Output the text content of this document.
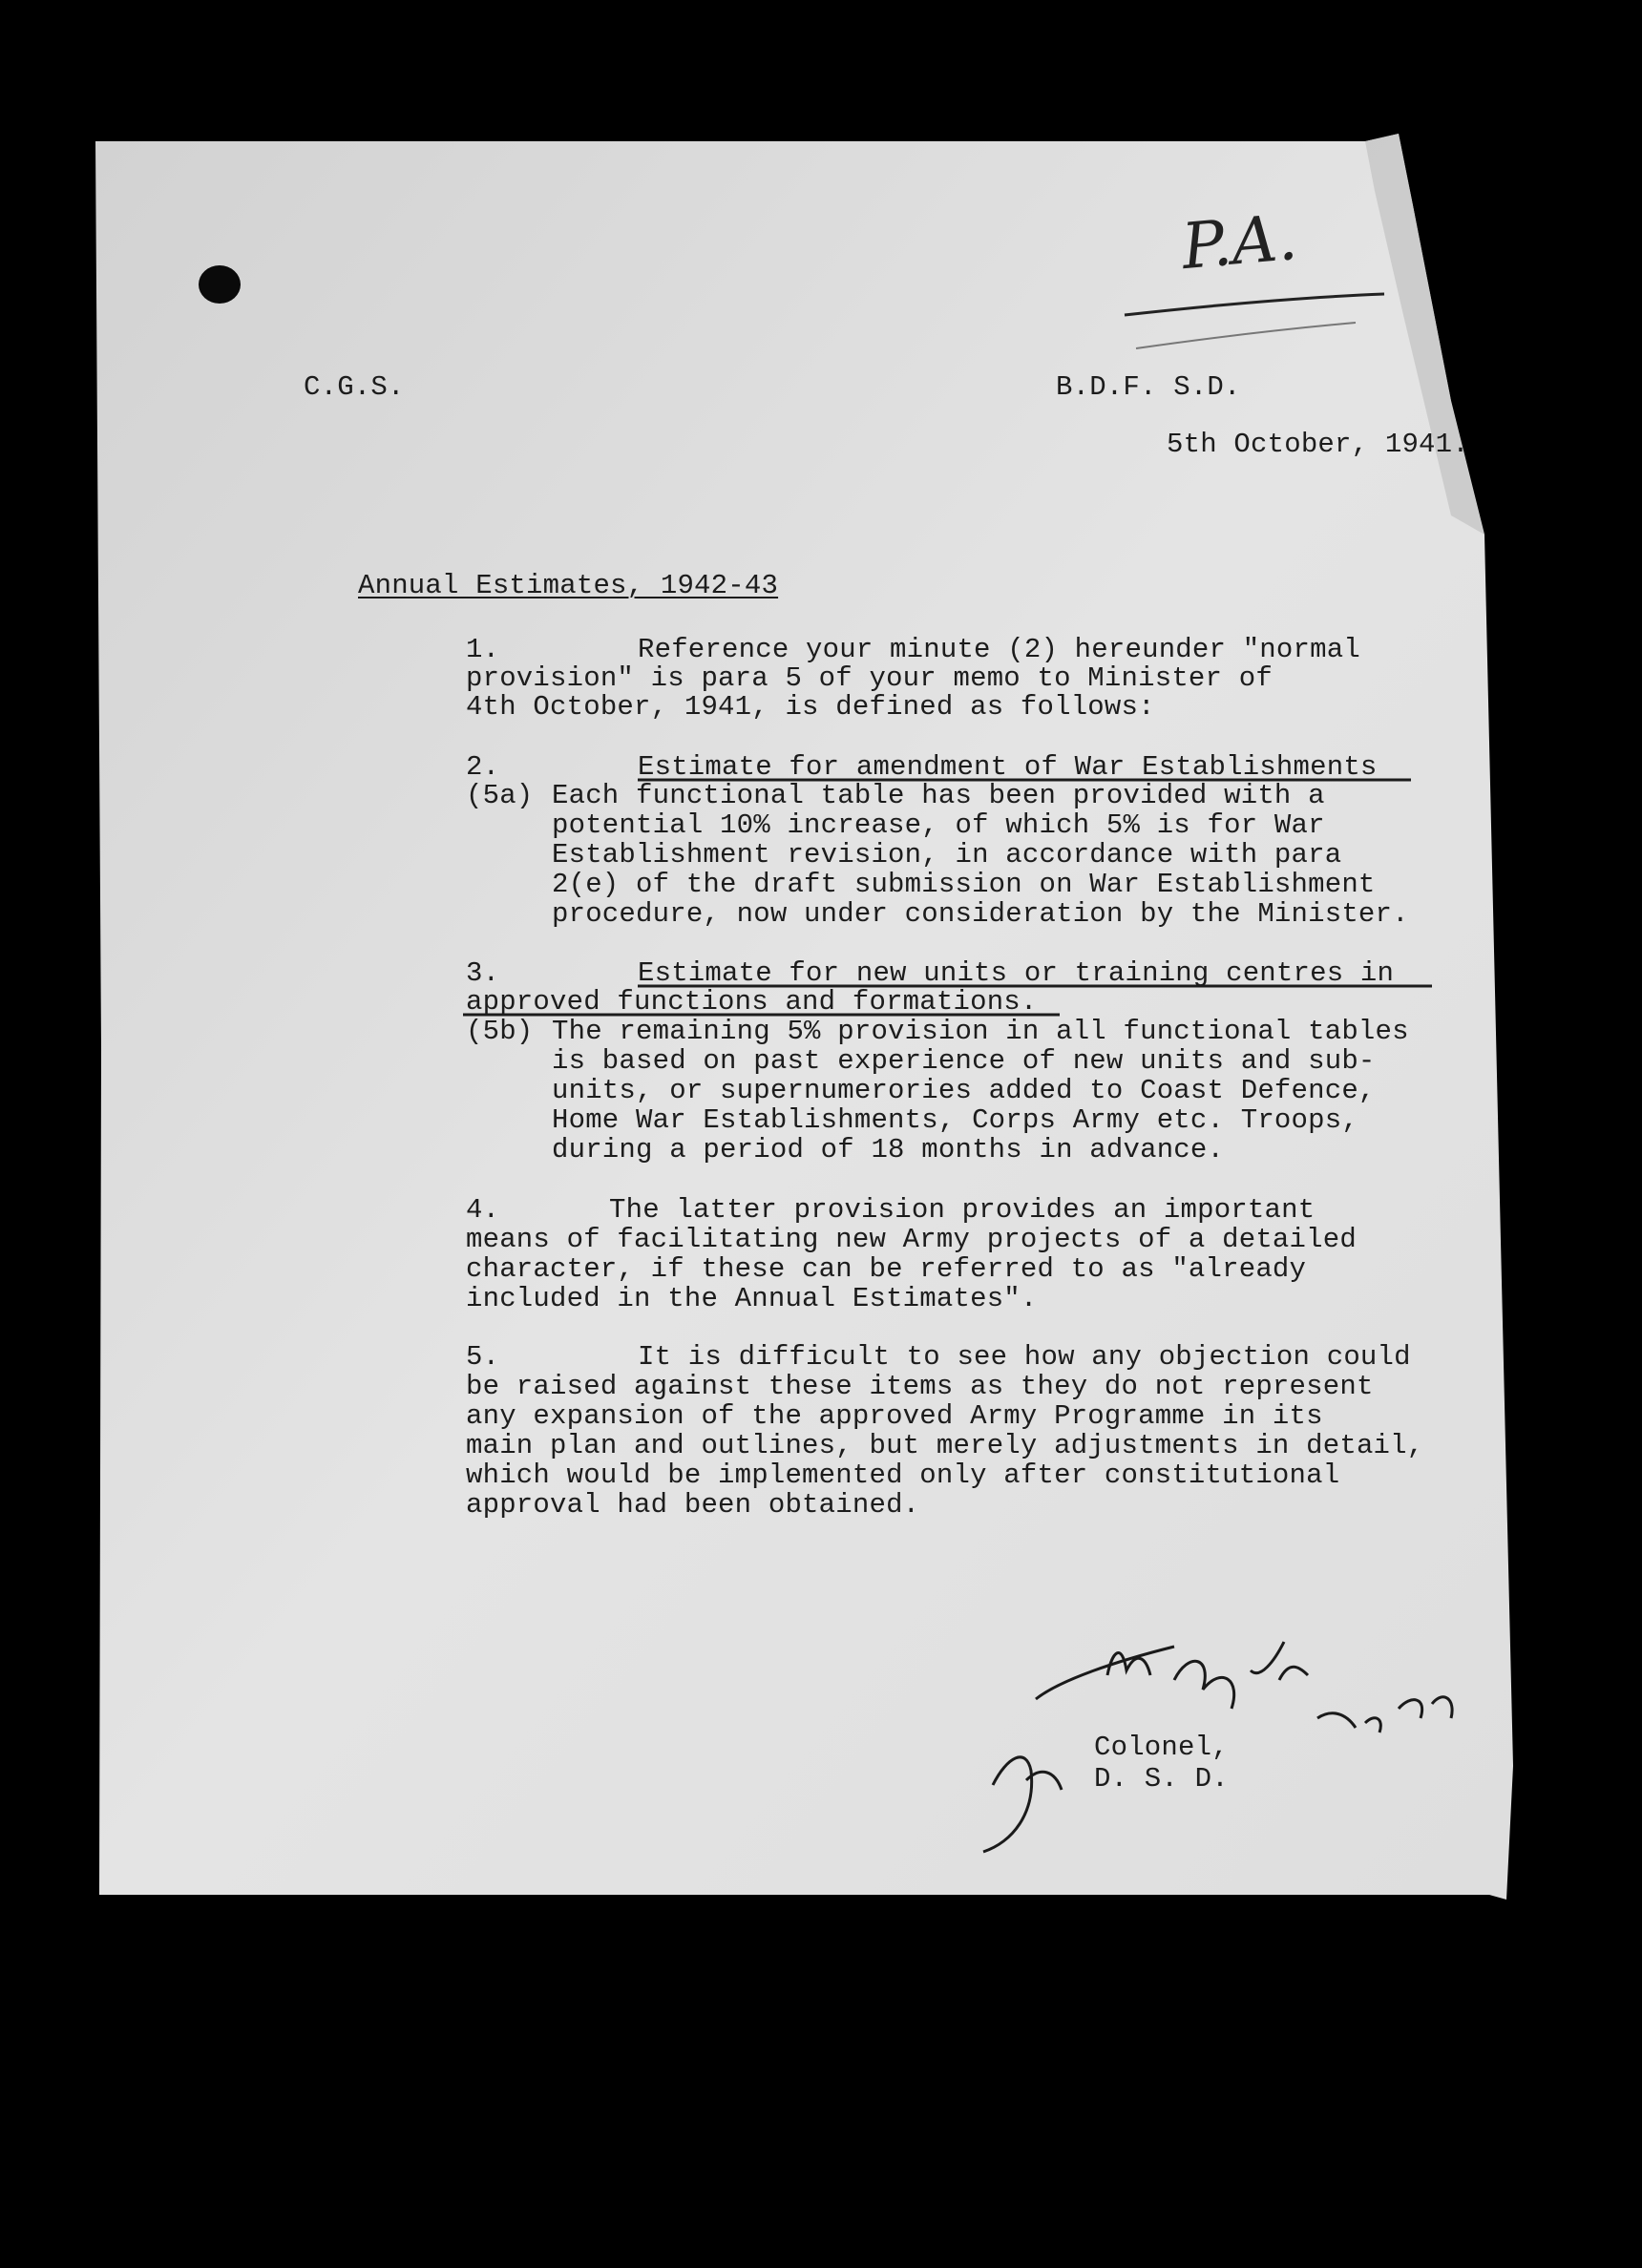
P.A.
C.G.S.	B.D.F. S.D.
5th October, 1941.
Annual Estimates, 1942-43
1.	Reference your minute (2) hereunder "normal
provision" is para 5 of your memo to Minister of
4th October, 1941, is defined as follows:
2.	Estimate for amendment of War Establishments
(5a) Each functional table has been provided with a
potential 10% increase, of which 5% is for War
Establishment revision, in accordance with para
2(e) of the draft submission on War Establishment
procedure, now under consideration by the Minister.
3.	Estimate for new units or training centres in
approved functions and formations.
(5b) The remaining 5% provision in all functional tables
is based on past experience of new units and sub-
units, or supernumerories added to Coast Defence,
Home War Establishments, Corps Army etc. Troops,
during a period of 18 months in advance.
4.	The latter provision provides an important
means of facilitating new Army projects of a detailed
character, if these can be referred to as "already
included in the Annual Estimates".
5.	It is difficult to see how any objection could
be raised against these items as they do not represent
any expansion of the approved Army Programme in its
main plan and outlines, but merely adjustments in detail,
which would be implemented only after constitutional
approval had been obtained.
Colonel,
D. S. D.
